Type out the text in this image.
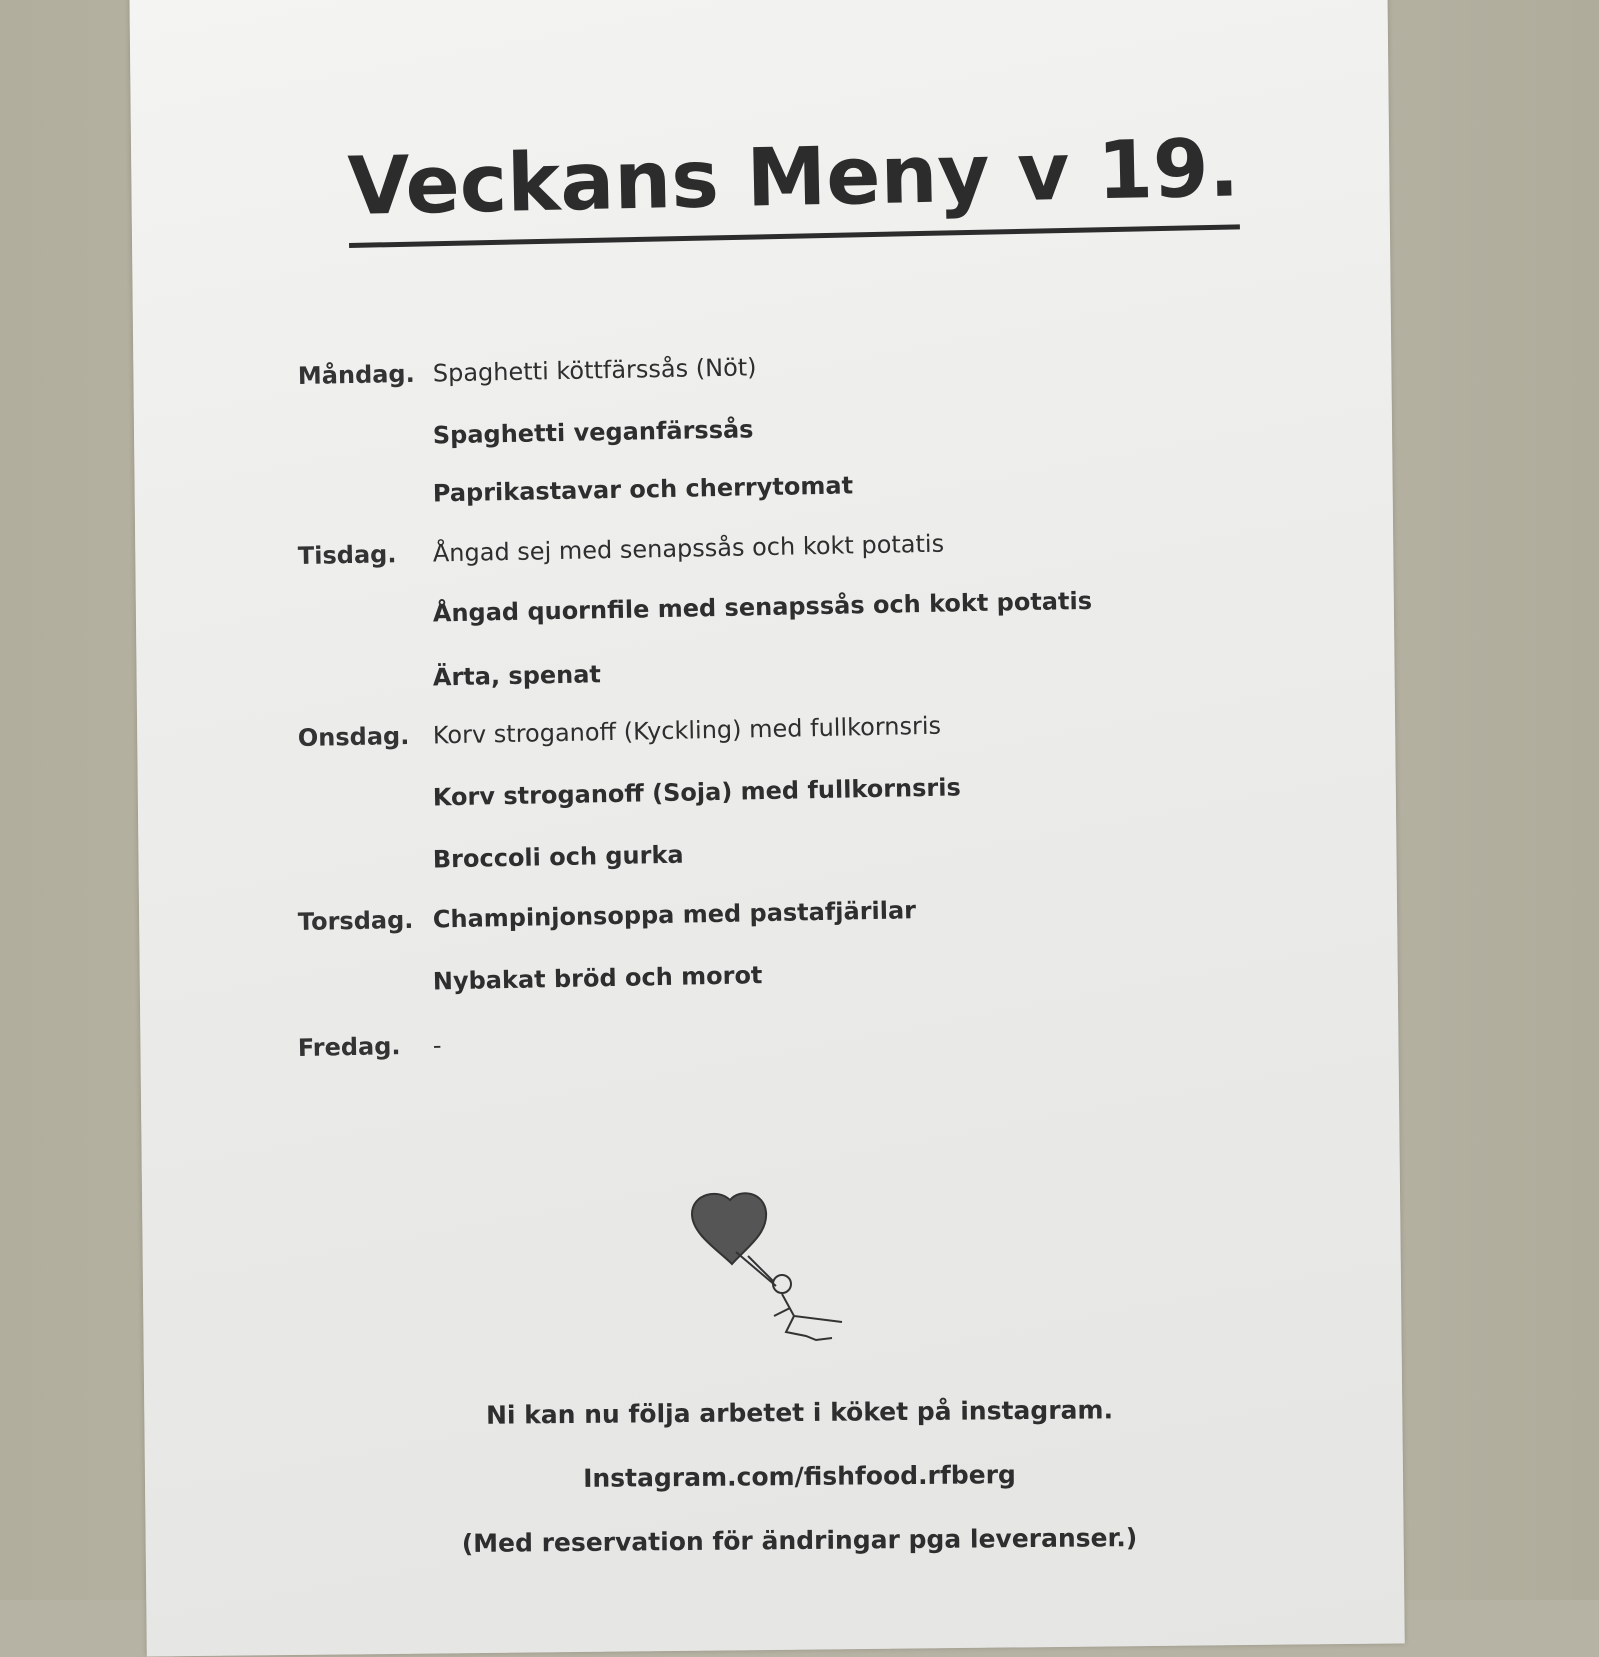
Veckans Meny v 19.
Måndag. Spaghetti köttfärssås (Nöt)
Spaghetti veganfärssås
Paprikastavar och cherrytomat
Tisdag. Ångad sej med senapssås och kokt potatis
Ångad quornfile med senapssås och kokt potatis
Ärta, spenat
Onsdag. Korv stroganoff (Kyckling) med fullkornsris
Korv stroganoff (Soja) med fullkornsris
Broccoli och gurka
Torsdag. Champinjonsoppa med pastafjärilar
Nybakat bröd och morot
Fredag. -
Ni kan nu följa arbetet i köket på instagram.
Instagram.com/fishfood.rfberg
(Med reservation för ändringar pga leveranser.)
